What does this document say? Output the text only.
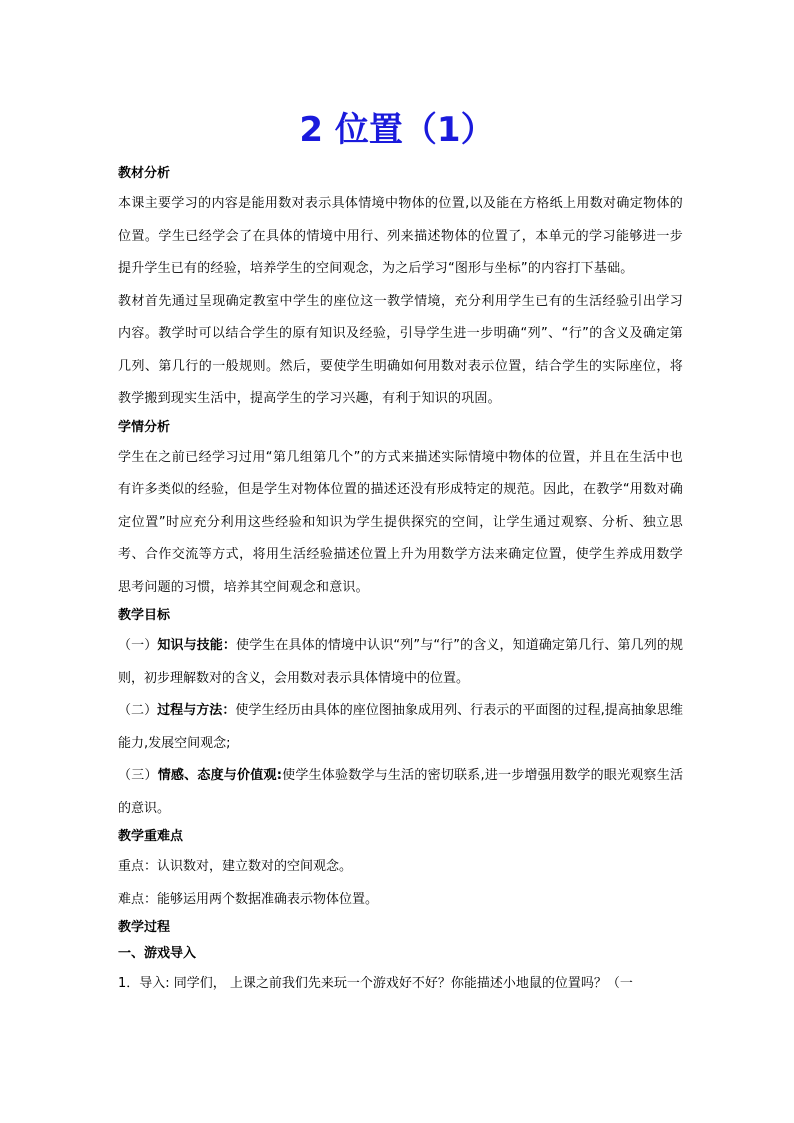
2 位置（1）
教材分析

本课主要学习的内容是能用数对表示具体情境中物体的位置,以及能在方格纸上用数对确定物体的位置。学生已经学会了在具体的情境中用行、列来描述物体的位置了，本单元的学习能够进一步提升学生已有的经验，培养学生的空间观念，为之后学习“图形与坐标”的内容打下基础。

教材首先通过呈现确定教室中学生的座位这一教学情境，充分利用学生已有的生活经验引出学习内容。教学时可以结合学生的原有知识及经验，引导学生进一步明确“列”、“行”的含义及确定第几列、第几行的一般规则。然后，要使学生明确如何用数对表示位置，结合学生的实际座位，将教学搬到现实生活中，提高学生的学习兴趣，有利于知识的巩固。

学情分析

学生在之前已经学习过用“第几组第几个”的方式来描述实际情境中物体的位置，并且在生活中也有许多类似的经验，但是学生对物体位置的描述还没有形成特定的规范。因此，在教学“用数对确定位置”时应充分利用这些经验和知识为学生提供探究的空间，让学生通过观察、分析、独立思考、合作交流等方式，将用生活经验描述位置上升为用数学方法来确定位置，使学生养成用数学思考问题的习惯，培养其空间观念和意识。

教学目标

（一）知识与技能：使学生在具体的情境中认识“列”与“行”的含义，知道确定第几行、第几列的规则，初步理解数对的含义，会用数对表示具体情境中的位置。

（二）过程与方法：使学生经历由具体的座位图抽象成用列、行表示的平面图的过程,提高抽象思维能力,发展空间观念;

（三）情感、态度与价值观:使学生体验数学与生活的密切联系,进一步增强用数学的眼光观察生活的意识。

教学重难点

重点：认识数对，建立数对的空间观念。

难点：能够运用两个数据准确表示物体位置。

教学过程
一、游戏导入

1．导入: 同学们， 上课之前我们先来玩一个游戏好不好？你能描述小地鼠的位置吗？（一
